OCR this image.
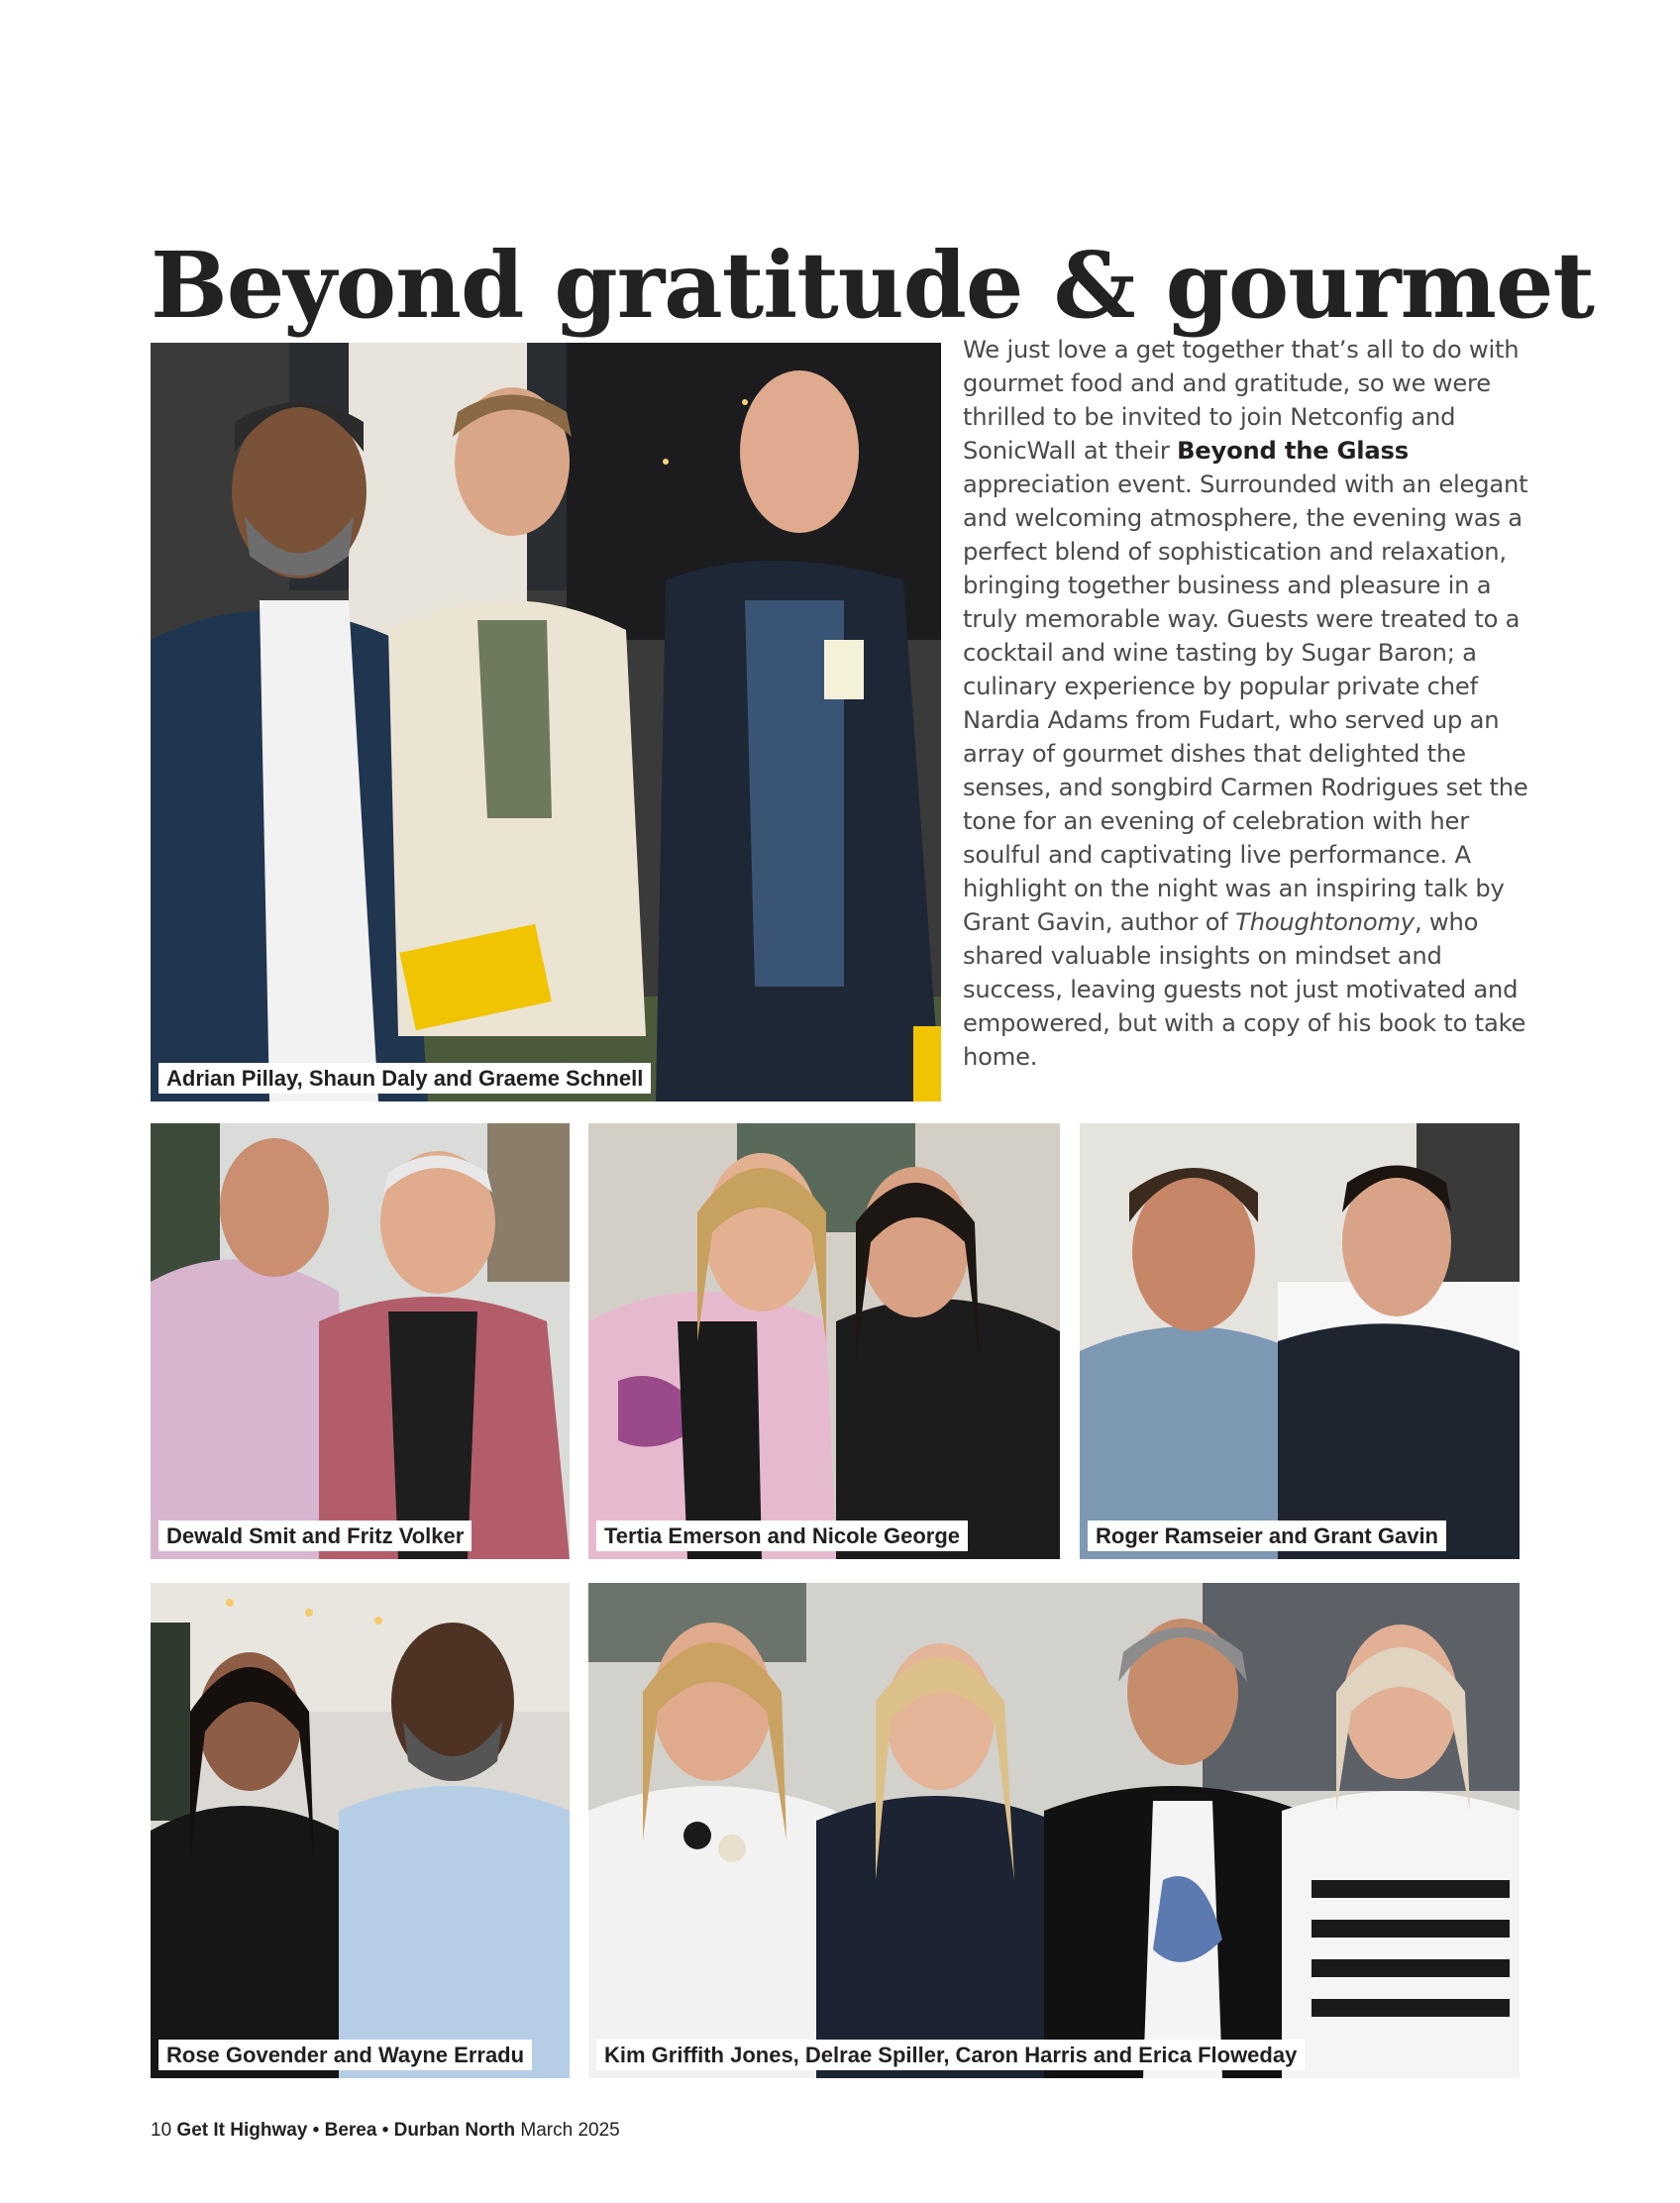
Beyond gratitude & gourmet
Adrian Pillay, Shaun Daly and Graeme Schnell
We just love a get together that’s all to do with gourmet food and and gratitude, so we were thrilled to be invited to join Netconfig and SonicWall at their Beyond the Glass appreciation event. Surrounded with an elegant and welcoming atmosphere, the evening was a perfect blend of sophistication and relaxation, bringing together business and pleasure in a truly memorable way. Guests were treated to a cocktail and wine tasting by Sugar Baron; a culinary experience by popular private chef Nardia Adams from Fudart, who served up an array of gourmet dishes that delighted the senses, and songbird Carmen Rodrigues set the tone for an evening of celebration with her soulful and captivating live performance. A highlight on the night was an inspiring talk by Grant Gavin, author of Thoughtonomy, who shared valuable insights on mindset and success, leaving guests not just motivated and empowered, but with a copy of his book to take home.
Dewald Smit and Fritz Volker	Tertia Emerson and Nicole George	Roger Ramseier and Grant Gavin
Rose Govender and Wayne Erradu	Kim Griffith Jones, Delrae Spiller, Caron Harris and Erica Floweday
10 Get It Highway • Berea • Durban North March 2025
